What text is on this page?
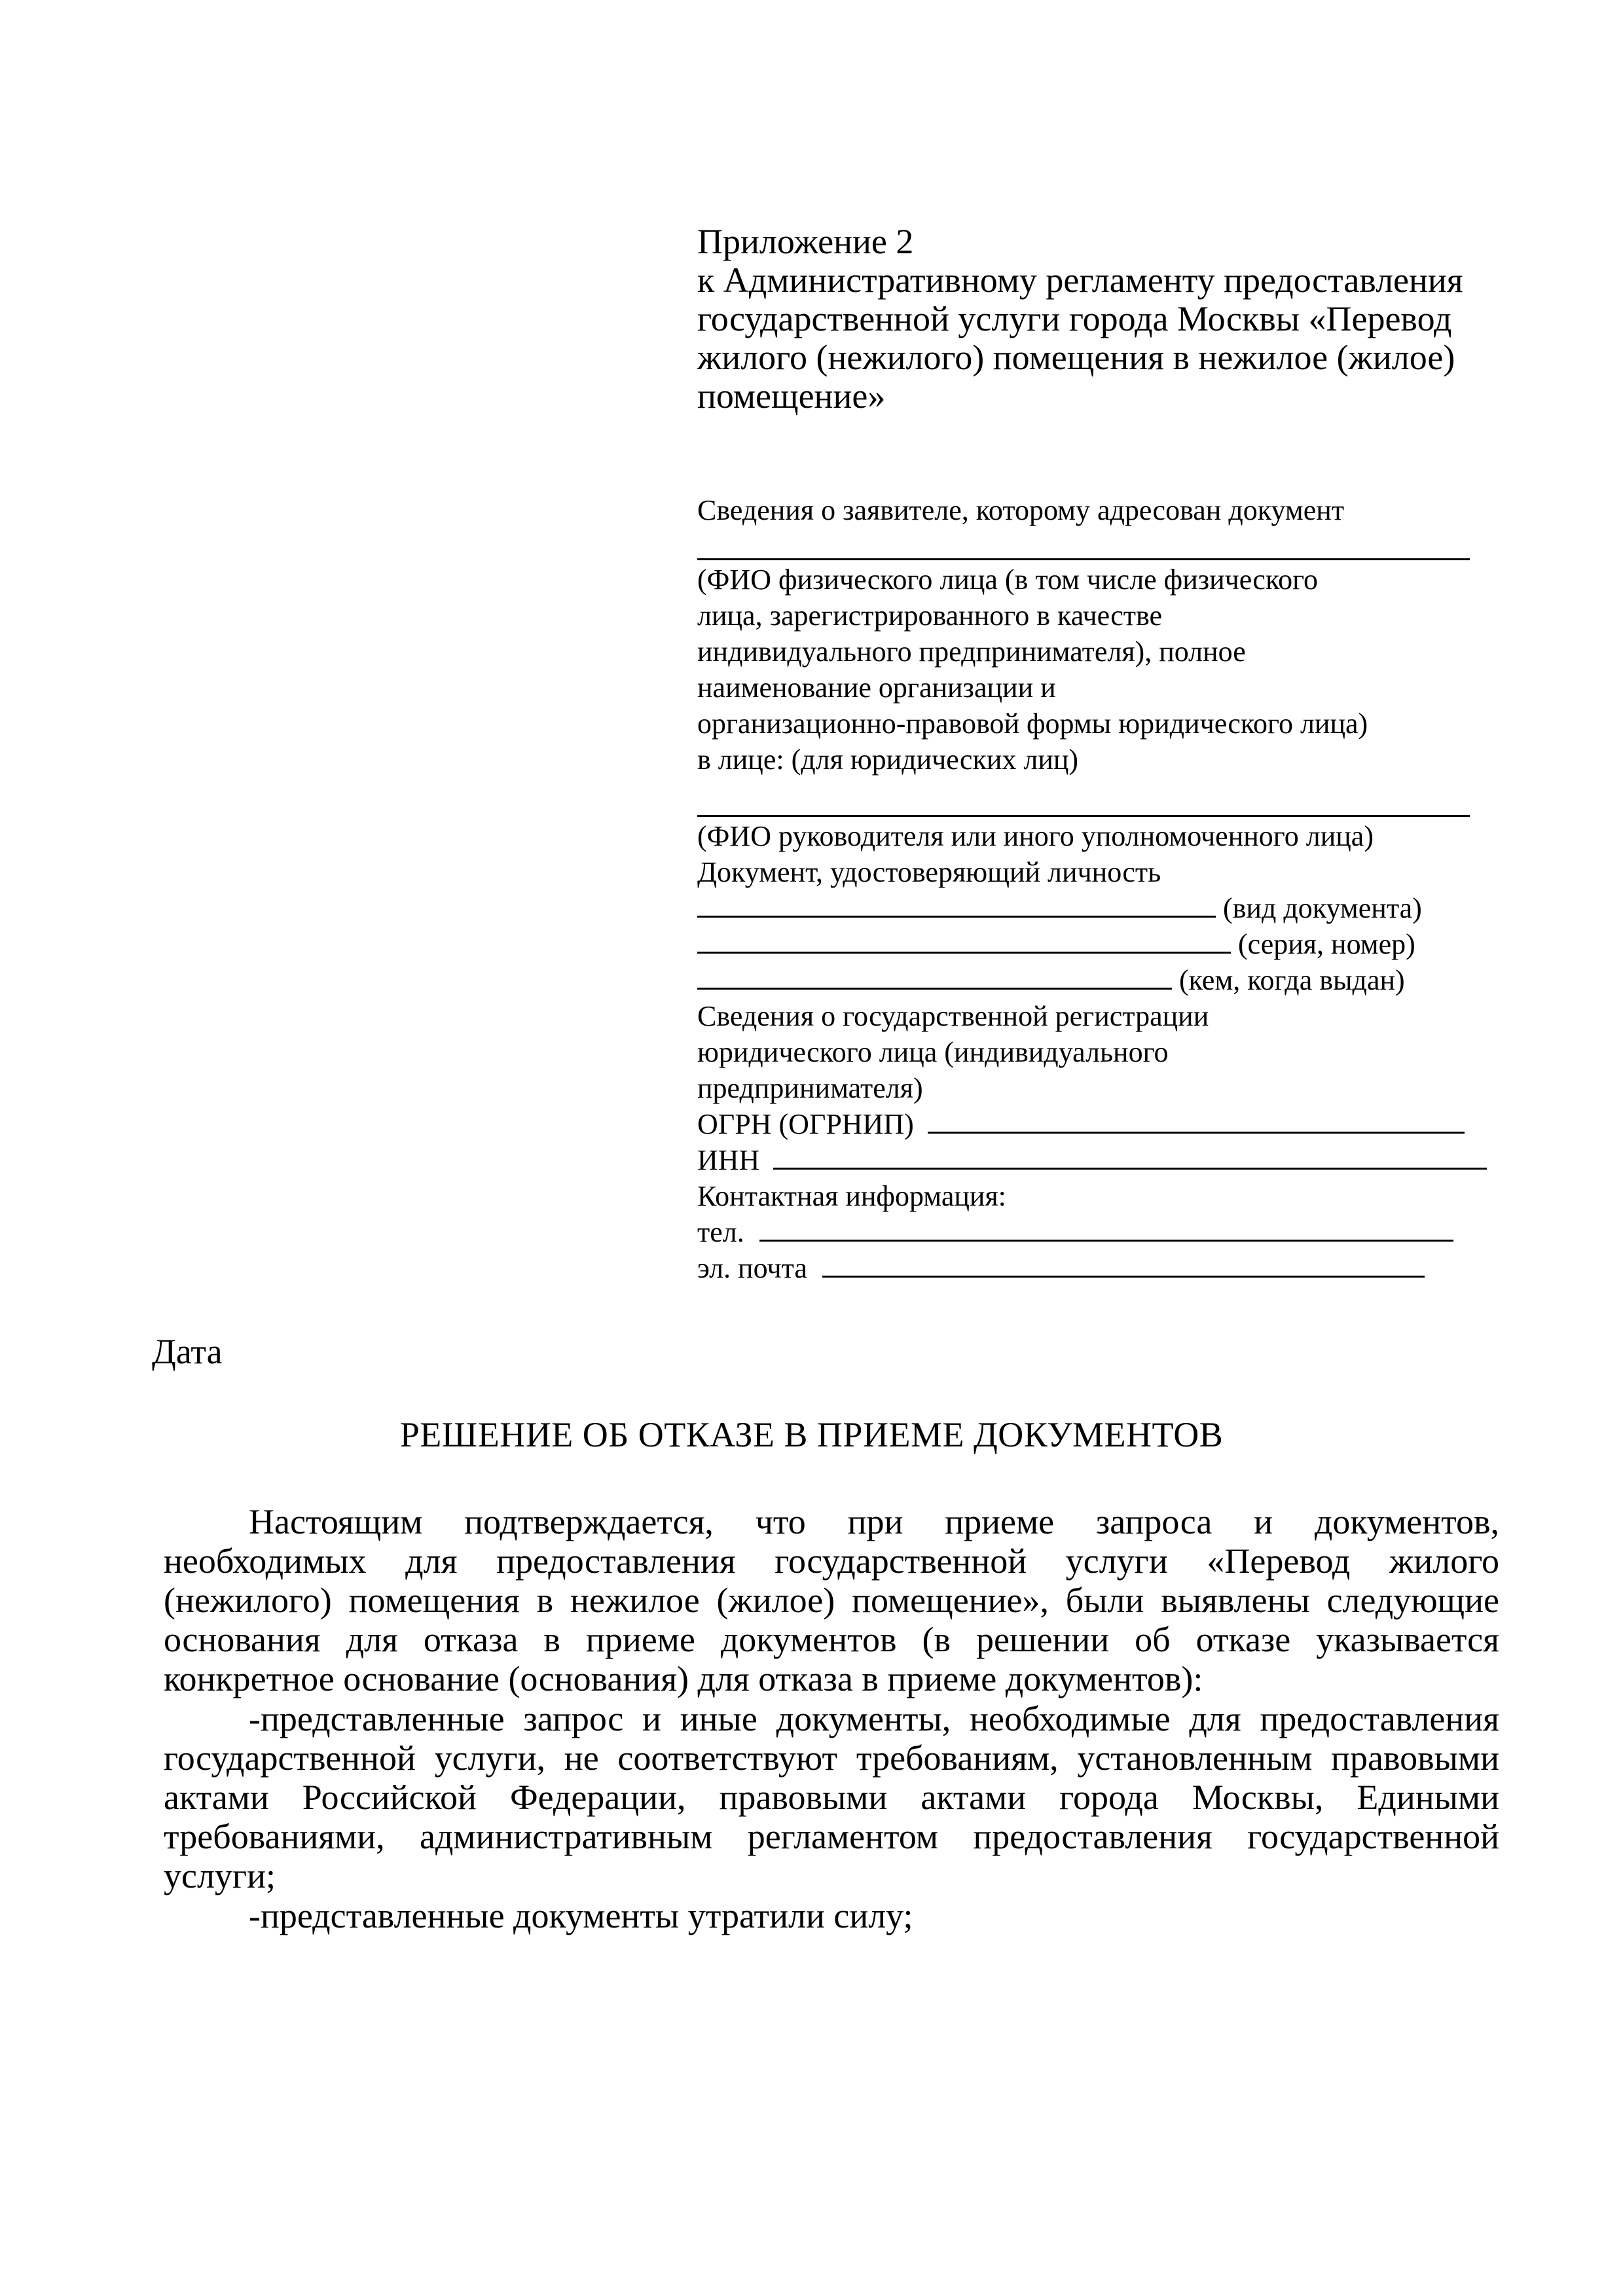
Приложение 2
к Административному регламенту предоставления
государственной услуги города Москвы «Перевод
жилого (нежилого) помещения в нежилое (жилое)
помещение»
Сведения о заявителе, которому адресован документ
(ФИО физического лица (в том числе физического
лица, зарегистрированного в качестве
индивидуального предпринимателя), полное
наименование организации и
организационно-правовой формы юридического лица)
в лице: (для юридических лиц)
(ФИО руководителя или иного уполномоченного лица)
Документ, удостоверяющий личность
(вид документа)
(серия, номер)
(кем, когда выдан)
Сведения о государственной регистрации
юридического лица (индивидуального
предпринимателя)
ОГРН (ОГРНИП)
ИНН
Контактная информация:
тел.
эл. почта
Дата
РЕШЕНИЕ ОБ ОТКАЗЕ В ПРИЕМЕ ДОКУМЕНТОВ
Настоящим подтверждается, что при приеме запроса и документов,
необходимых для предоставления государственной услуги «Перевод жилого
(нежилого) помещения в нежилое (жилое) помещение», были выявлены следующие
основания для отказа в приеме документов (в решении об отказе указывается
конкретное основание (основания) для отказа в приеме документов):
-представленные запрос и иные документы, необходимые для предоставления
государственной услуги, не соответствуют требованиям, установленным правовыми
актами Российской Федерации, правовыми актами города Москвы, Едиными
требованиями, административным регламентом предоставления государственной
услуги;
-представленные документы утратили силу;
